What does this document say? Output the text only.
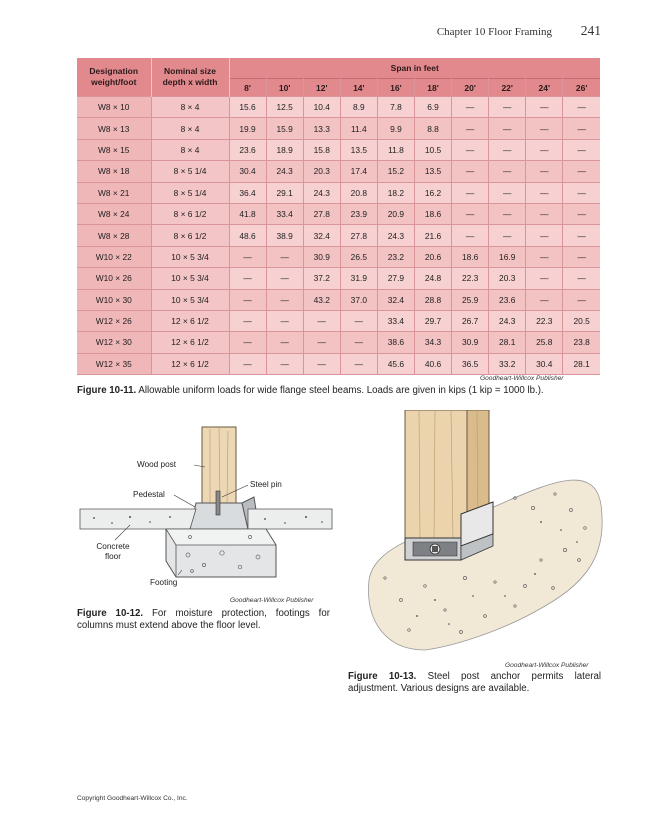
Chapter 10 Floor Framing 241
Designation weight/foot	Nominal size depth x width	Span in feet									
		8'	10'	12'	14'	16'	18'	20'	22'	24'	26'
W8 × 10	8 × 4	15.6	12.5	10.4	8.9	7.8	6.9	—	—	—	—
W8 × 13	8 × 4	19.9	15.9	13.3	11.4	9.9	8.8	—	—	—	—
W8 × 15	8 × 4	23.6	18.9	15.8	13.5	11.8	10.5	—	—	—	—
W8 × 18	8 × 5 1/4	30.4	24.3	20.3	17.4	15.2	13.5	—	—	—	—
W8 × 21	8 × 5 1/4	36.4	29.1	24.3	20.8	18.2	16.2	—	—	—	—
W8 × 24	8 × 6 1/2	41.8	33.4	27.8	23.9	20.9	18.6	—	—	—	—
W8 × 28	8 × 6 1/2	48.6	38.9	32.4	27.8	24.3	21.6	—	—	—	—
W10 × 22	10 × 5 3/4	—	—	30.9	26.5	23.2	20.6	18.6	16.9	—	—
W10 × 26	10 × 5 3/4	—	—	37.2	31.9	27.9	24.8	22.3	20.3	—	—
W10 × 30	10 × 5 3/4	—	—	43.2	37.0	32.4	28.8	25.9	23.6	—	—
W12 × 26	12 × 6 1/2	—	—	—	—	33.4	29.7	26.7	24.3	22.3	20.5
W12 × 30	12 × 6 1/2	—	—	—	—	38.6	34.3	30.9	28.1	25.8	23.8
W12 × 35	12 × 6 1/2	—	—	—	—	45.6	40.6	36.5	33.2	30.4	28.1
Goodheart-Willcox Publisher
Figure 10-11. Allowable uniform loads for wide flange steel beams. Loads are given in kips (1 kip = 1000 lb.).
Wood post
Steel pin
Pedestal
Concrete floor
Footing
Goodheart-Willcox Publisher
Figure 10-12. For moisture protection, footings for columns must extend above the floor level.
Goodheart-Willcox Publisher
Figure 10-13. Steel post anchor permits lateral adjustment. Various designs are available.
Copyright Goodheart-Willcox Co., Inc.
